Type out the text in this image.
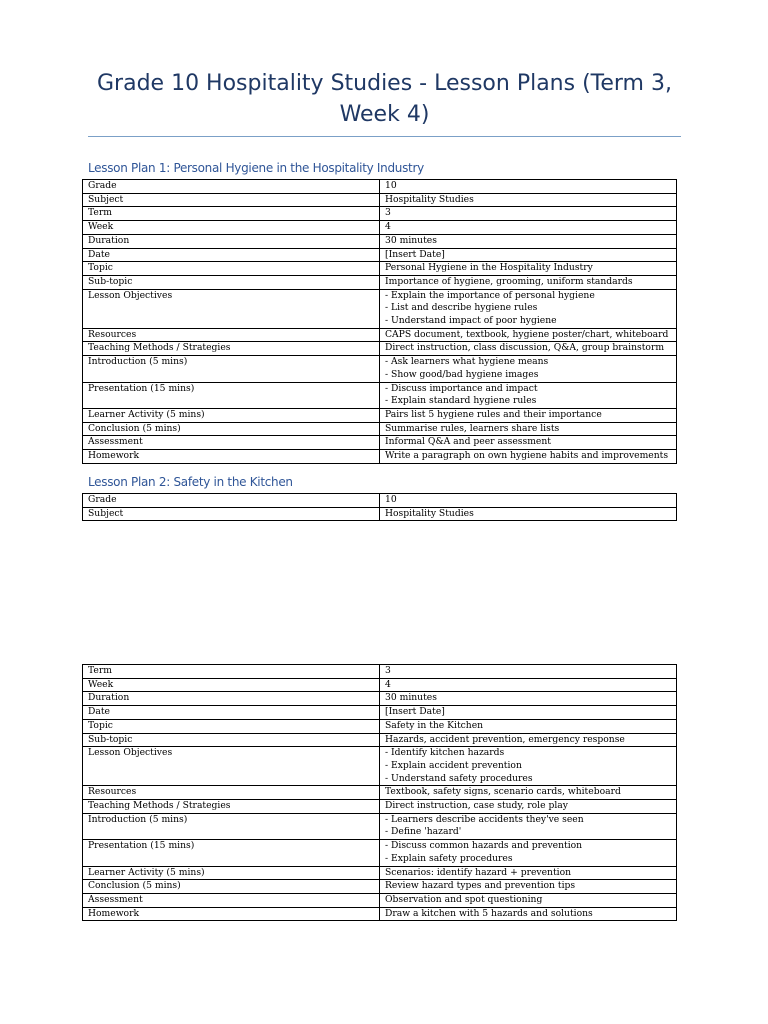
Grade 10 Hospitality Studies - Lesson Plans (Term 3, Week 4)
Lesson Plan 1: Personal Hygiene in the Hospitality Industry
Grade	10

Subject	Hospitality Studies

Term	3

Week	4

Duration	30 minutes

Date	[Insert Date]

Topic	Personal Hygiene in the Hospitality Industry

Sub-topic	Importance of hygiene, grooming, uniform standards

Lesson Objectives	- Explain the importance of personal hygiene
- List and describe hygiene rules
- Understand impact of poor hygiene

Resources	CAPS document, textbook, hygiene poster/chart, whiteboard

Teaching Methods / Strategies	Direct instruction, class discussion, Q&A, group brainstorm

Introduction (5 mins)	- Ask learners what hygiene means
- Show good/bad hygiene images

Presentation (15 mins)	- Discuss importance and impact
- Explain standard hygiene rules

Learner Activity (5 mins)	Pairs list 5 hygiene rules and their importance

Conclusion (5 mins)	Summarise rules, learners share lists

Assessment	Informal Q&A and peer assessment

Homework	Write a paragraph on own hygiene habits and improvements
Lesson Plan 2: Safety in the Kitchen
Grade	10

Subject	Hospitality Studies
Term	3

Week	4

Duration	30 minutes

Date	[Insert Date]

Topic	Safety in the Kitchen

Sub-topic	Hazards, accident prevention, emergency response

Lesson Objectives	- Identify kitchen hazards
- Explain accident prevention
- Understand safety procedures

Resources	Textbook, safety signs, scenario cards, whiteboard

Teaching Methods / Strategies	Direct instruction, case study, role play

Introduction (5 mins)	- Learners describe accidents they've seen
- Define 'hazard'

Presentation (15 mins)	- Discuss common hazards and prevention
- Explain safety procedures

Learner Activity (5 mins)	Scenarios: identify hazard + prevention

Conclusion (5 mins)	Review hazard types and prevention tips

Assessment	Observation and spot questioning

Homework	Draw a kitchen with 5 hazards and solutions
